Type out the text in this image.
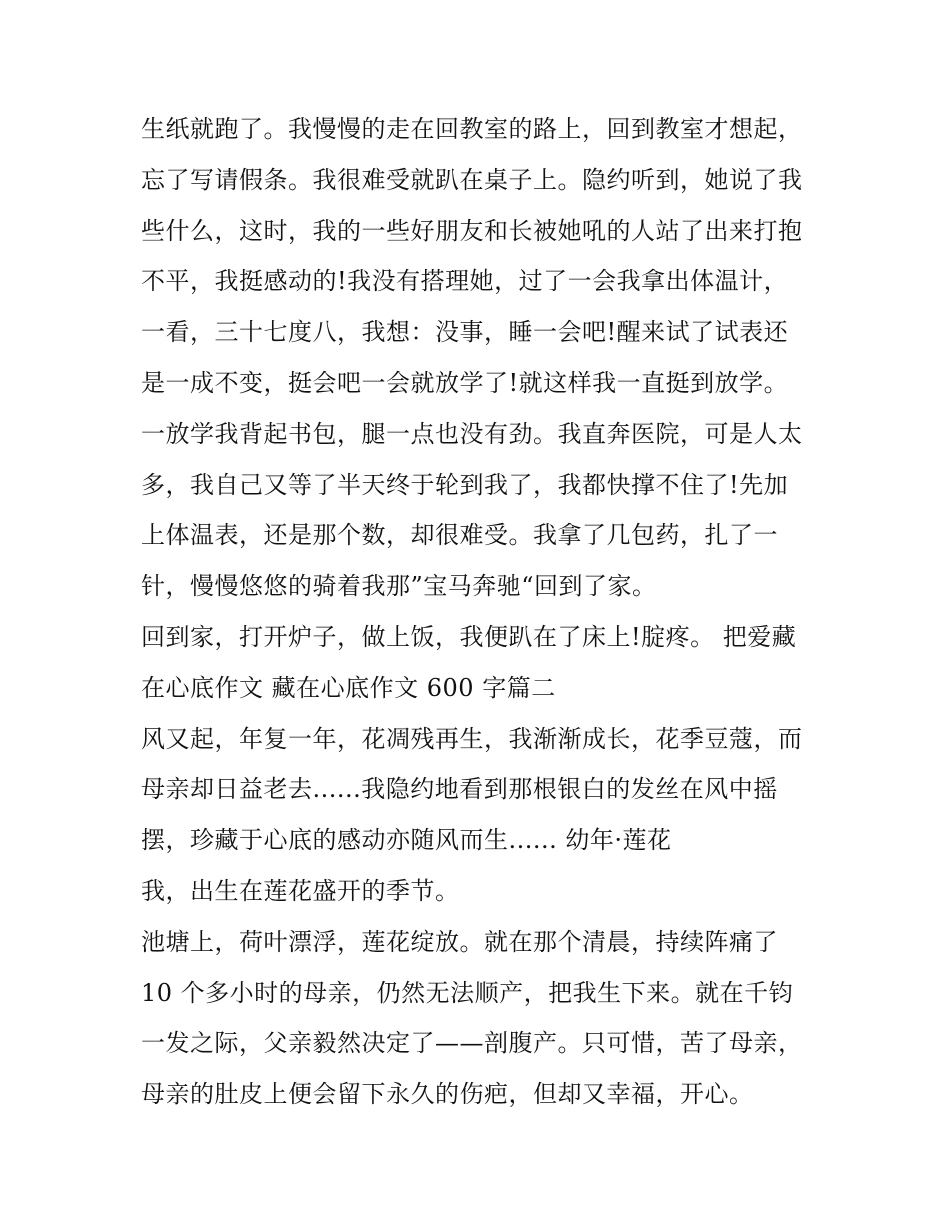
生纸就跑了。我慢慢的走在回教室的路上，回到教室才想起，
忘了写请假条。我很难受就趴在桌子上。隐约听到，她说了我
些什么，这时，我的一些好朋友和长被她吼的人站了出来打抱
不平，我挺感动的!我没有搭理她，过了一会我拿出体温计，
一看，三十七度八，我想：没事，睡一会吧!醒来试了试表还
是一成不变，挺会吧一会就放学了!就这样我一直挺到放学。
一放学我背起书包，腿一点也没有劲。我直奔医院，可是人太
多，我自己又等了半天终于轮到我了，我都快撑不住了!先加
上体温表，还是那个数，却很难受。我拿了几包药，扎了一
针，慢慢悠悠的骑着我那”宝马奔驰“回到了家。
回到家，打开炉子，做上饭，我便趴在了床上!腚疼。 把爱藏
在心底作文 藏在心底作文 600 字篇二
风又起，年复一年，花凋残再生，我渐渐成长，花季豆蔻，而
母亲却日益老去......我隐约地看到那根银白的发丝在风中摇
摆，珍藏于心底的感动亦随风而生...... 幼年·莲花
我，出生在莲花盛开的季节。
池塘上，荷叶漂浮，莲花绽放。就在那个清晨，持续阵痛了
10 个多小时的母亲，仍然无法顺产，把我生下来。就在千钧
一发之际，父亲毅然决定了——剖腹产。只可惜，苦了母亲，
母亲的肚皮上便会留下永久的伤疤，但却又幸福，开心。
